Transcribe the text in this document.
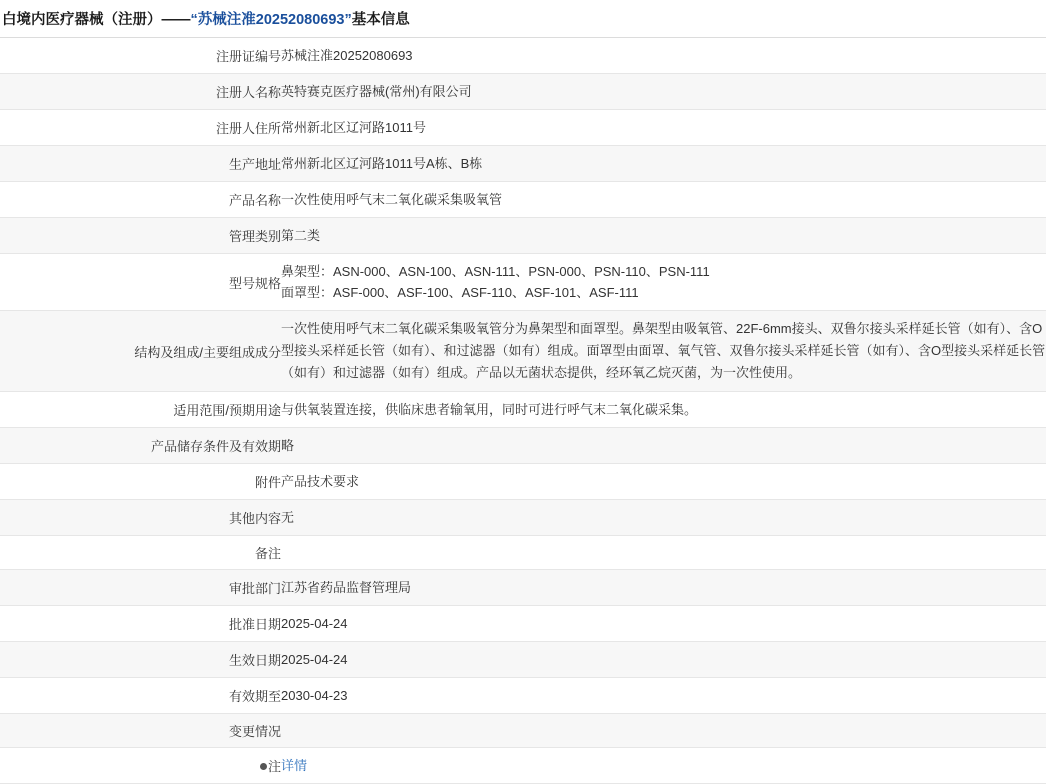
白境内医疗器械（注册）——“苏械注准20252080693”基本信息
注册证编号	苏械注准20252080693
注册人名称	英特赛克医疗器械(常州)有限公司
注册人住所	常州新北区辽河路1011号
生产地址	常州新北区辽河路1011号A栋、B栋
产品名称	一次性使用呼气末二氧化碳采集吸氧管
管理类别	第二类
型号规格	鼻架型：ASN-000、ASN-100、ASN-111、PSN-000、PSN-110、PSN-111
面罩型：ASF-000、ASF-100、ASF-110、ASF-101、ASF-111

结构及组成/主要组成成分	一次性使用呼气末二氧化碳采集吸氧管分为鼻架型和面罩型。鼻架型由吸氧管、22F-6mm接头、双鲁尔接头采样延长管（如有）、含O型接头采样延长管（如有）、和过滤器（如有）组成。面罩型由面罩、氧气管、双鲁尔接头采样延长管（如有）、含O型接头采样延长管（如有）和过滤器（如有）组成。产品以无菌状态提供，经环氧乙烷灭菌，为一次性使用。

适用范围/预期用途	与供氧装置连接，供临床患者输氧用，同时可进行呼气末二氧化碳采集。
产品储存条件及有效期	略
附件	产品技术要求
其他内容	无
备注	
审批部门	江苏省药品监督管理局
批准日期	2025-04-24
生效日期	2025-04-24
有效期至	2030-04-23
变更情况	
注	详情
